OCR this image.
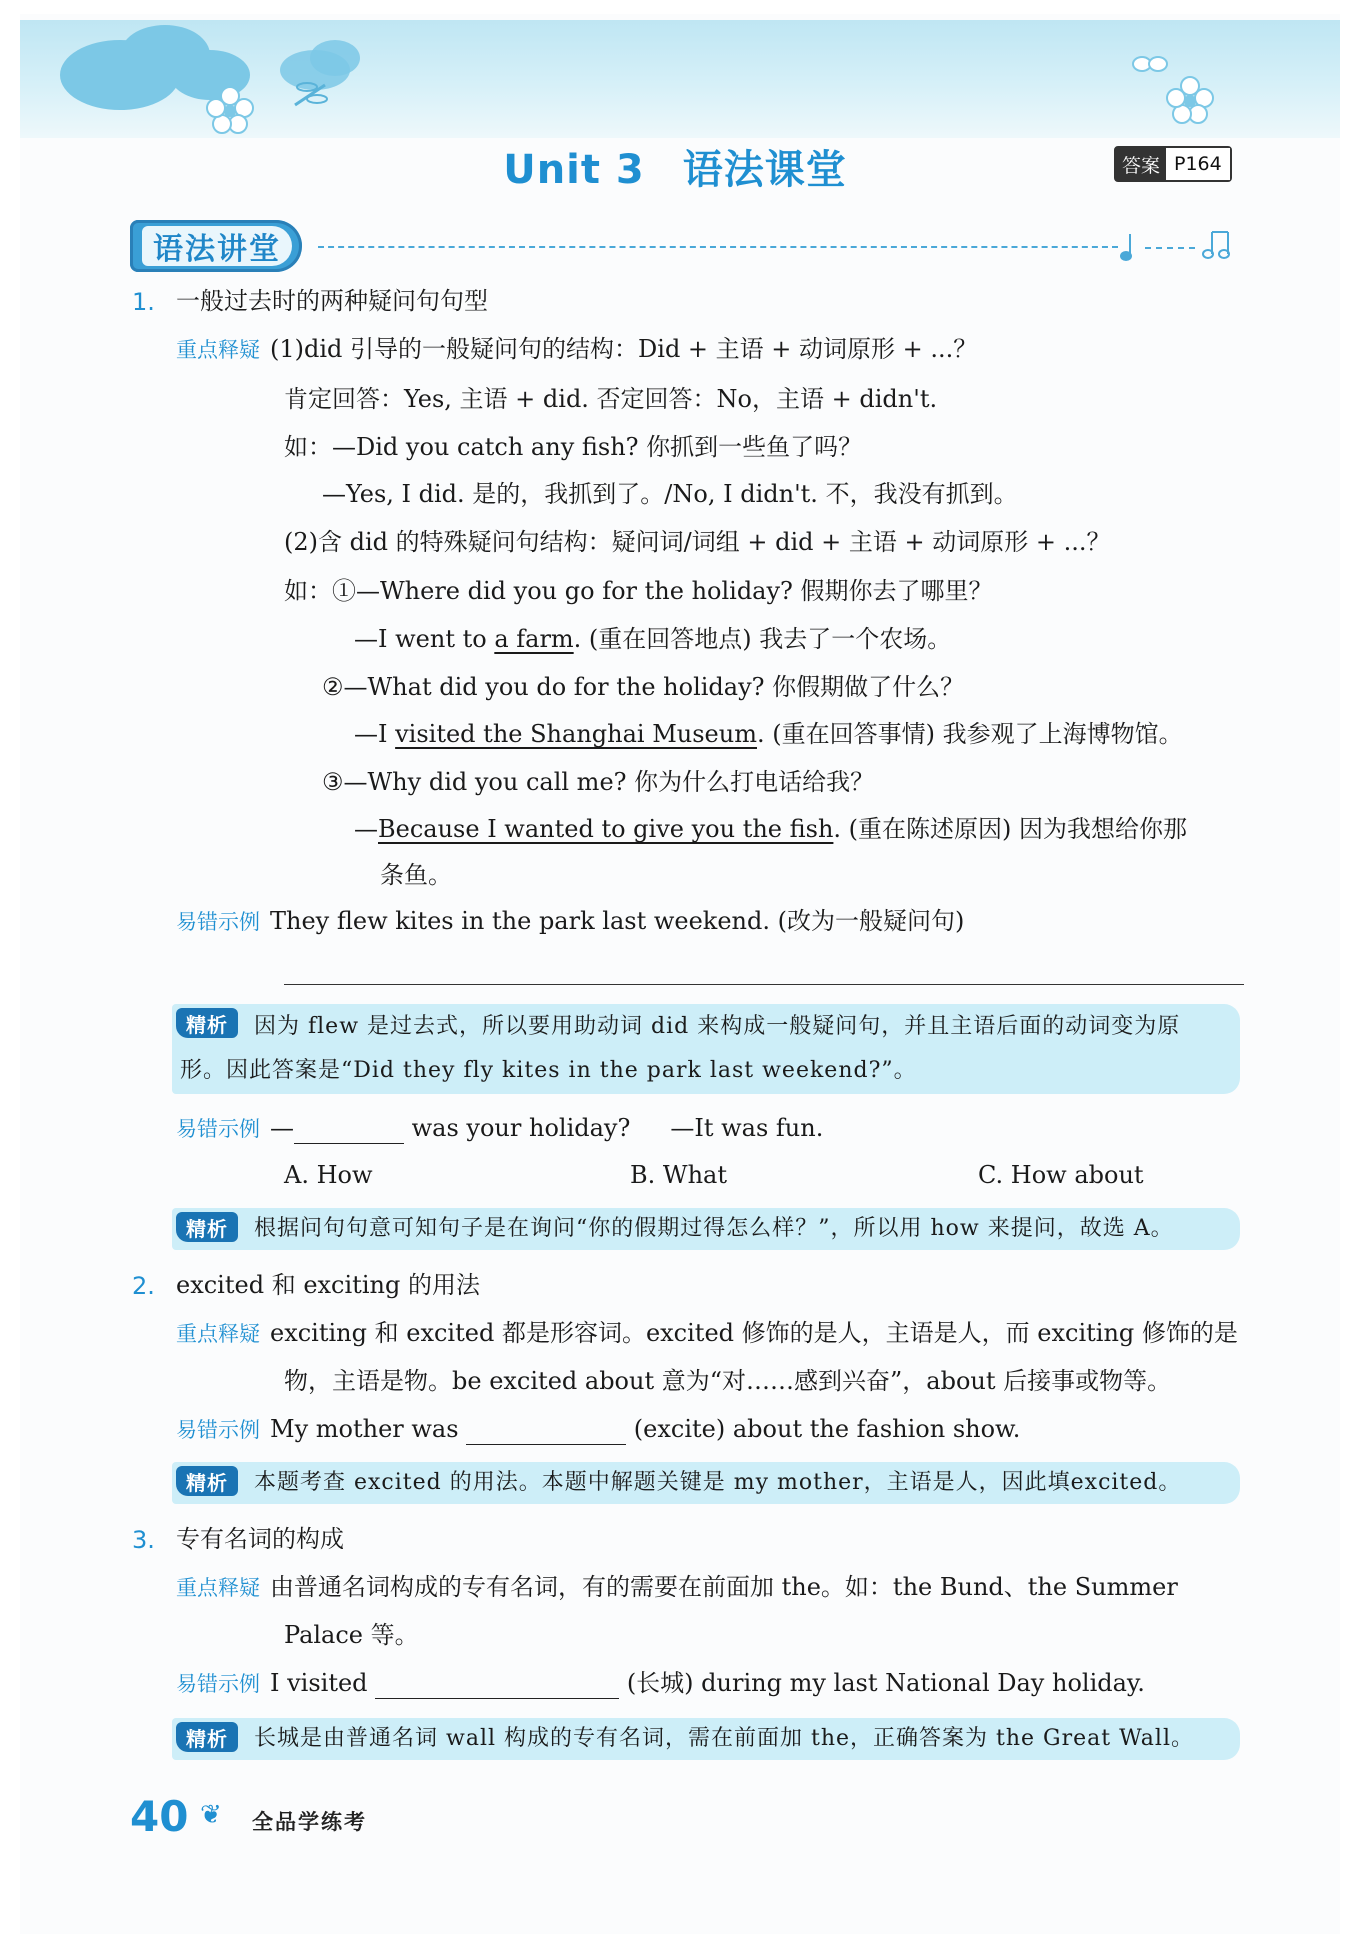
Unit 3 语法课堂	答案 P164
语法讲堂
1. 一般过去时的两种疑问句句型
重点释疑 (1)did 引导的一般疑问句的结构：Did + 主语 + 动词原形 + ...？
肯定回答：Yes, 主语 + did. 否定回答：No，主语 + didn't.
如：—Did you catch any fish? 你抓到一些鱼了吗？
—Yes, I did. 是的，我抓到了。/No, I didn't. 不，我没有抓到。
(2)含 did 的特殊疑问句结构：疑问词/词组 + did + 主语 + 动词原形 + ...？
如：①—Where did you go for the holiday? 假期你去了哪里？
—I went to a farm. (重在回答地点) 我去了一个农场。
②—What did you do for the holiday? 你假期做了什么？
—I visited the Shanghai Museum. (重在回答事情) 我参观了上海博物馆。
③—Why did you call me? 你为什么打电话给我？
—Because I wanted to give you the fish. (重在陈述原因) 因为我想给你那
条鱼。
易错示例 They flew kites in the park last weekend. (改为一般疑问句)
精析	因为 flew 是过去式，所以要用助动词 did 来构成一般疑问句，并且主语后面的动词变为原
形。因此答案是“Did they fly kites in the park last weekend?”。
易错示例 —	was your holiday? —It was fun.
A. How	B. What	C. How about
精析	根据问句句意可知句子是在询问“你的假期过得怎么样？”，所以用 how 来提问，故选 A。
2. excited 和 exciting 的用法
重点释疑 exciting 和 excited 都是形容词。excited 修饰的是人，主语是人，而 exciting 修饰的是
物，主语是物。be excited about 意为“对……感到兴奋”，about 后接事或物等。
易错示例 My mother was	(excite) about the fashion show.
精析	本题考查 excited 的用法。本题中解题关键是 my mother，主语是人，因此填excited。
3. 专有名词的构成
重点释疑 由普通名词构成的专有名词，有的需要在前面加 the。如：the Bund、the Summer
Palace 等。
易错示例 I visited	(长城) during my last National Day holiday.
精析	长城是由普通名词 wall 构成的专有名词，需在前面加 the，正确答案为 the Great Wall。
40 ❦ 全品学练考
